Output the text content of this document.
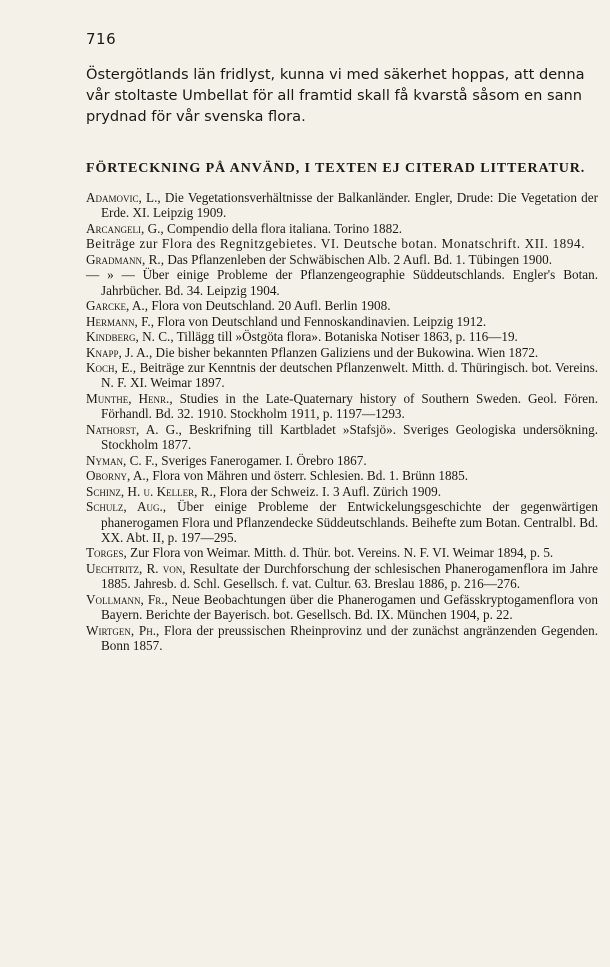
716

Östergötlands län fridlyst, kunna vi med säkerhet hoppas, att denna vår stoltaste Umbellat för all framtid skall få kvarstå såsom en sann prydnad för vår svenska flora.

FÖRTECKNING PÅ ANVÄND, I TEXTEN EJ CITERAD LITTERATUR.
Adamovic, L., Die Vegetationsverhältnisse der Balkanländer. Engler, Drude: Die Vegetation der Erde. XI. Leipzig 1909.
Arcangeli, G., Compendio della flora italiana. Torino 1882.
Beiträge zur Flora des Regnitzgebietes. VI. Deutsche botan. Monatschrift. XII. 1894.
Gradmann, R., Das Pflanzenleben der Schwäbischen Alb. 2 Aufl. Bd. 1. Tübingen 1900.
— » — Über einige Probleme der Pflanzengeographie Süddeutschlands. Engler's Botan. Jahrbücher. Bd. 34. Leipzig 1904.
Garcke, A., Flora von Deutschland. 20 Aufl. Berlin 1908.
Hermann, F., Flora von Deutschland und Fennoskandinavien. Leipzig 1912.
Kindberg, N. C., Tillägg till »Östgöta flora». Botaniska Notiser 1863, p. 116—19.
Knapp, J. A., Die bisher bekannten Pflanzen Galiziens und der Bukowina. Wien 1872.
Koch, E., Beiträge zur Kenntnis der deutschen Pflanzenwelt. Mitth. d. Thüringisch. bot. Vereins. N. F. XI. Weimar 1897.
Munthe, Henr., Studies in the Late-Quaternary history of Southern Sweden. Geol. Fören. Förhandl. Bd. 32. 1910. Stockholm 1911, p. 1197—1293.
Nathorst, A. G., Beskrifning till Kartbladet »Stafsjö». Sveriges Geologiska undersökning. Stockholm 1877.
Nyman, C. F., Sveriges Fanerogamer. I. Örebro 1867.
Oborny, A., Flora von Mähren und österr. Schlesien. Bd. 1. Brünn 1885.
Schinz, H. u. Keller, R., Flora der Schweiz. I. 3 Aufl. Zürich 1909.
Schulz, Aug., Über einige Probleme der Entwickelungsgeschichte der gegenwärtigen phanerogamen Flora und Pflanzendecke Süddeutschlands. Beihefte zum Botan. Centralbl. Bd. XX. Abt. II, p. 197—295.
Torges, Zur Flora von Weimar. Mitth. d. Thür. bot. Vereins. N. F. VI. Weimar 1894, p. 5.
Uechtritz, R. von, Resultate der Durchforschung der schlesischen Phanerogamenflora im Jahre 1885. Jahresb. d. Schl. Gesellsch. f. vat. Cultur. 63. Breslau 1886, p. 216—276.
Vollmann, Fr., Neue Beobachtungen über die Phanerogamen und Gefässkryptogamenflora von Bayern. Berichte der Bayerisch. bot. Gesellsch. Bd. IX. München 1904, p. 22.
Wirtgen, Ph., Flora der preussischen Rheinprovinz und der zunächst angränzenden Gegenden. Bonn 1857.
